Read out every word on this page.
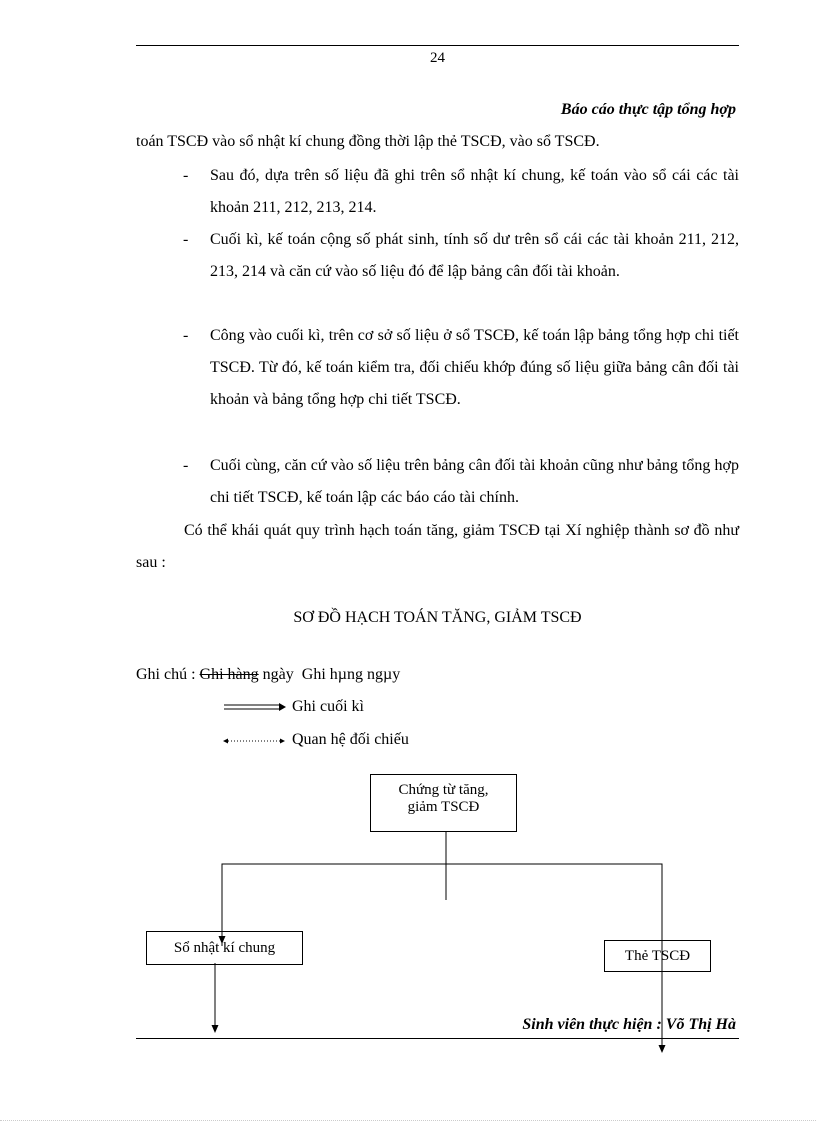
24
Báo cáo thực tập tổng hợp
toán TSCĐ vào sổ nhật kí chung đồng thời lập thẻ TSCĐ, vào sổ TSCĐ.
- Sau đó, dựa trên số liệu đã ghi trên sổ nhật kí chung, kế toán vào sổ cái các tài khoản 211, 212, 213, 214.
- Cuối kì, kế toán cộng số phát sinh, tính số dư trên sổ cái các tài khoản 211, 212, 213, 214 và căn cứ vào số liệu đó để lập bảng cân đối tài khoản.
- Công vào cuối kì, trên cơ sở số liệu ở sổ TSCĐ, kế toán lập bảng tổng hợp chi tiết TSCĐ. Từ đó, kế toán kiểm tra, đối chiếu khớp đúng số liệu giữa bảng cân đối tài khoản và bảng tổng hợp chi tiết TSCĐ.
- Cuối cùng, căn cứ vào số liệu trên bảng cân đối tài khoản cũng như bảng tổng hợp chi tiết TSCĐ, kế toán lập các báo cáo tài chính.
Có thể khái quát quy trình hạch toán tăng, giảm TSCĐ tại Xí nghiệp thành sơ đồ như sau :
SƠ ĐỒ HẠCH TOÁN TĂNG, GIẢM TSCĐ
Ghi chú : Ghi hàng ngày Ghi hµng ngµy
Ghi cuối kì
Quan hệ đối chiếu
Chứng từ tăng,
giảm TSCĐ
Sổ nhật kí chung	Thẻ TSCĐ
Sinh viên thực hiện : Võ Thị Hà
